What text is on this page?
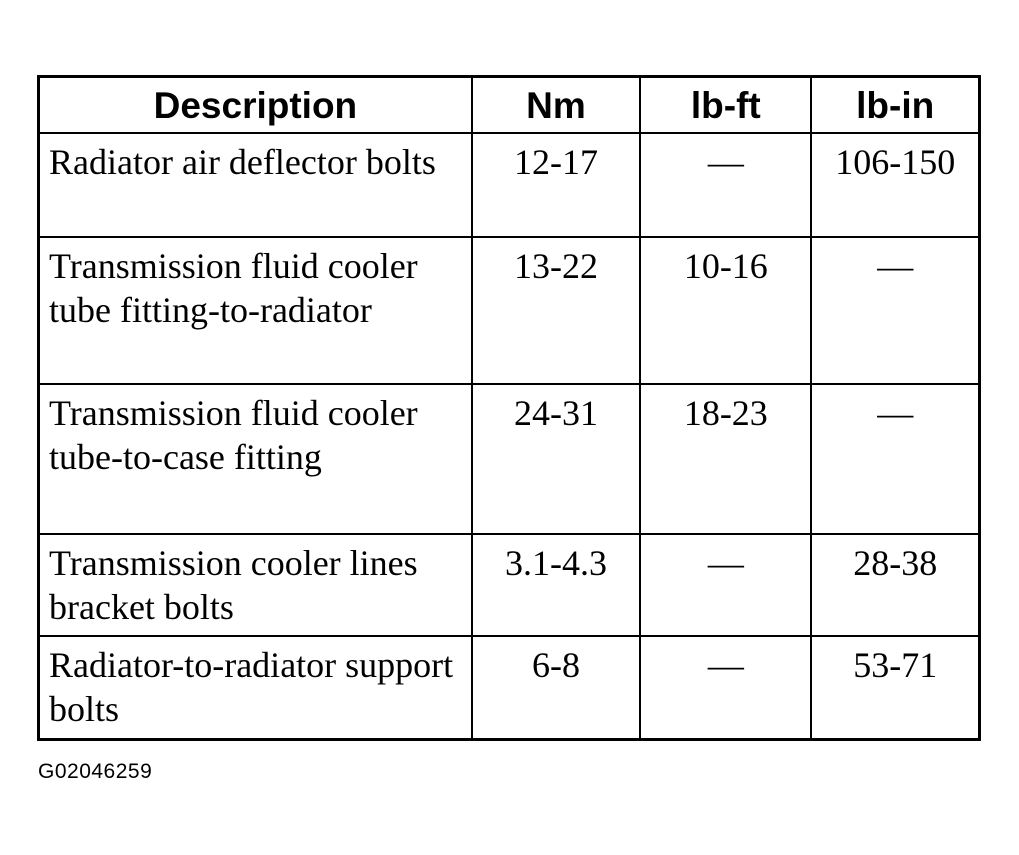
Description	Nm	lb-ft	lb-in
Radiator air deflector bolts	12-17	—	106-150
Transmission fluid cooler tube fitting-to-radiator	13-22	10-16	—
Transmission fluid cooler tube-to-case fitting	24-31	18-23	—
Transmission cooler lines bracket bolts	3.1-4.3	—	28-38
Radiator-to-radiator support bolts	6-8	—	53-71
G02046259
